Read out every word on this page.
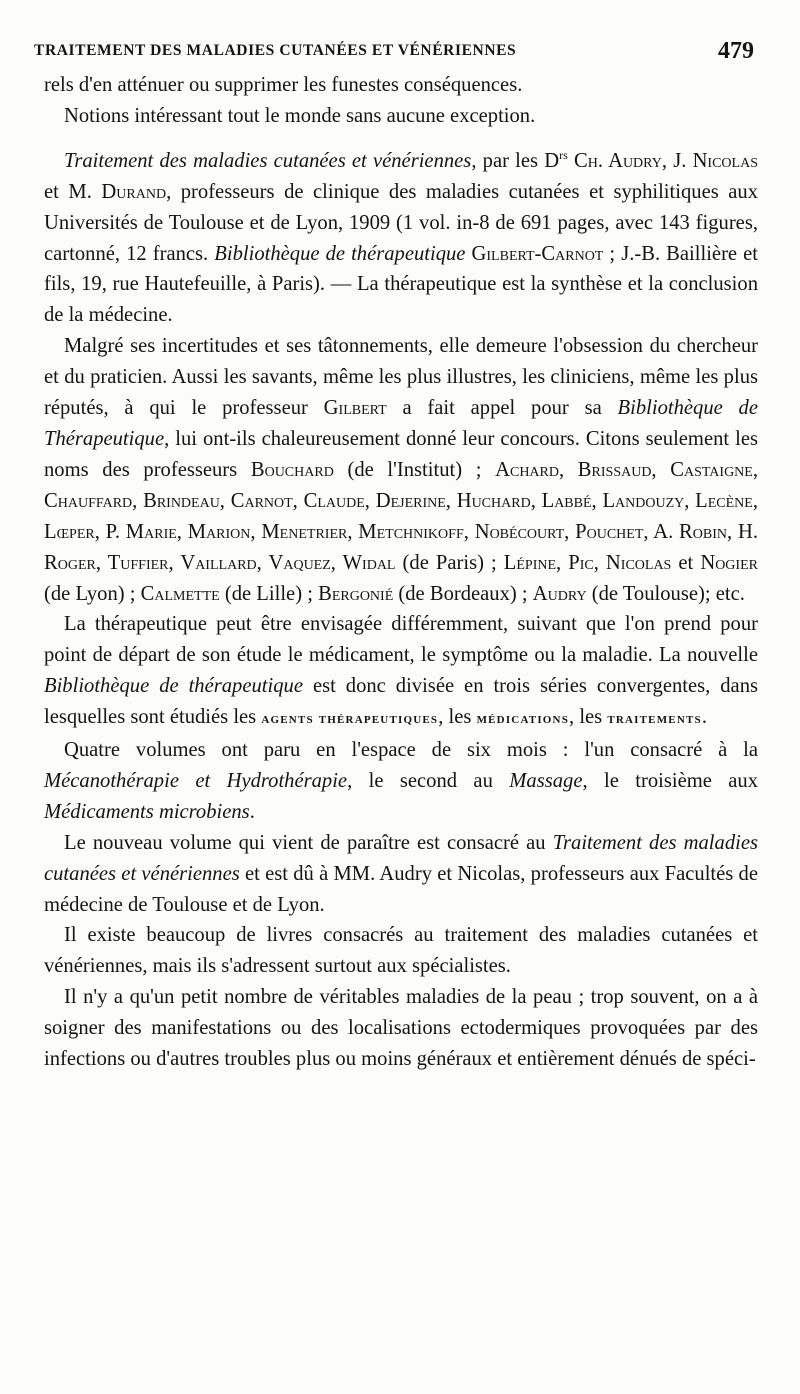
TRAITEMENT DES MALADIES CUTANÉES ET VÉNÉRIENNES	479

rels d'en atténuer ou supprimer les funestes conséquences.
Notions intéressant tout le monde sans aucune exception.

Traitement des maladies cutanées et vénériennes, par les $D^{rs}$ Ch. Audry, J. Nicolas et M. Durand, professeurs de clinique des maladies cutanées et syphilitiques aux Universités de Toulouse et de Lyon, 1909 (1 vol. in-8 de 691 pages, avec 143 figures, cartonné, 12 francs. Bibliothèque de thérapeutique Gilbert-Carnot ; J.-B. Baillière et fils, 19, rue Hautefeuille, à Paris). — La thérapeutique est la synthèse et la conclusion de la médecine.

Malgré ses incertitudes et ses tâtonnements, elle demeure l'obsession du chercheur et du praticien. Aussi les savants, même les plus illustres, les cliniciens, même les plus réputés, à qui le professeur Gilbert a fait appel pour sa Bibliothèque de Thérapeutique, lui ont-ils chaleureusement donné leur concours. Citons seulement les noms des professeurs Bouchard (de l'Institut) ; Achard, Brissaud, Castaigne, Chauffard, Brindeau, Carnot, Claude, Dejerine, Huchard, Labbé, Landouzy, Lecène, Lœper, P. Marie, Marion, Menetrier, Metchnikoff, Nobécourt, Pouchet, A. Robin, H. Roger, Tuffier, Vaillard, Vaquez, Widal (de Paris) ; Lépine, Pic, Nicolas et Nogier (de Lyon) ; Calmette (de Lille) ; Bergonié (de Bordeaux) ; Audry (de Toulouse); etc.

La thérapeutique peut être envisagée différemment, suivant que l'on prend pour point de départ de son étude le médicament, le symptôme ou la maladie. La nouvelle Bibliothèque de thérapeutique est donc divisée en trois séries convergentes, dans lesquelles sont étudiés les agents thérapeutiques, les médications, les traitements.

Quatre volumes ont paru en l'espace de six mois : l'un consacré à la Mécanothérapie et Hydrothérapie, le second au Massage, le troisième aux Médicaments microbiens.

Le nouveau volume qui vient de paraître est consacré au Traitement des maladies cutanées et vénériennes et est dû à MM. Audry et Nicolas, professeurs aux Facultés de médecine de Toulouse et de Lyon.

Il existe beaucoup de livres consacrés au traitement des maladies cutanées et vénériennes, mais ils s'adressent surtout aux spécialistes.

Il n'y a qu'un petit nombre de véritables maladies de la peau ; trop souvent, on a à soigner des manifestations ou des localisations ectodermiques provoquées par des infections ou d'autres troubles plus ou moins généraux et entièrement dénués de spéci-
